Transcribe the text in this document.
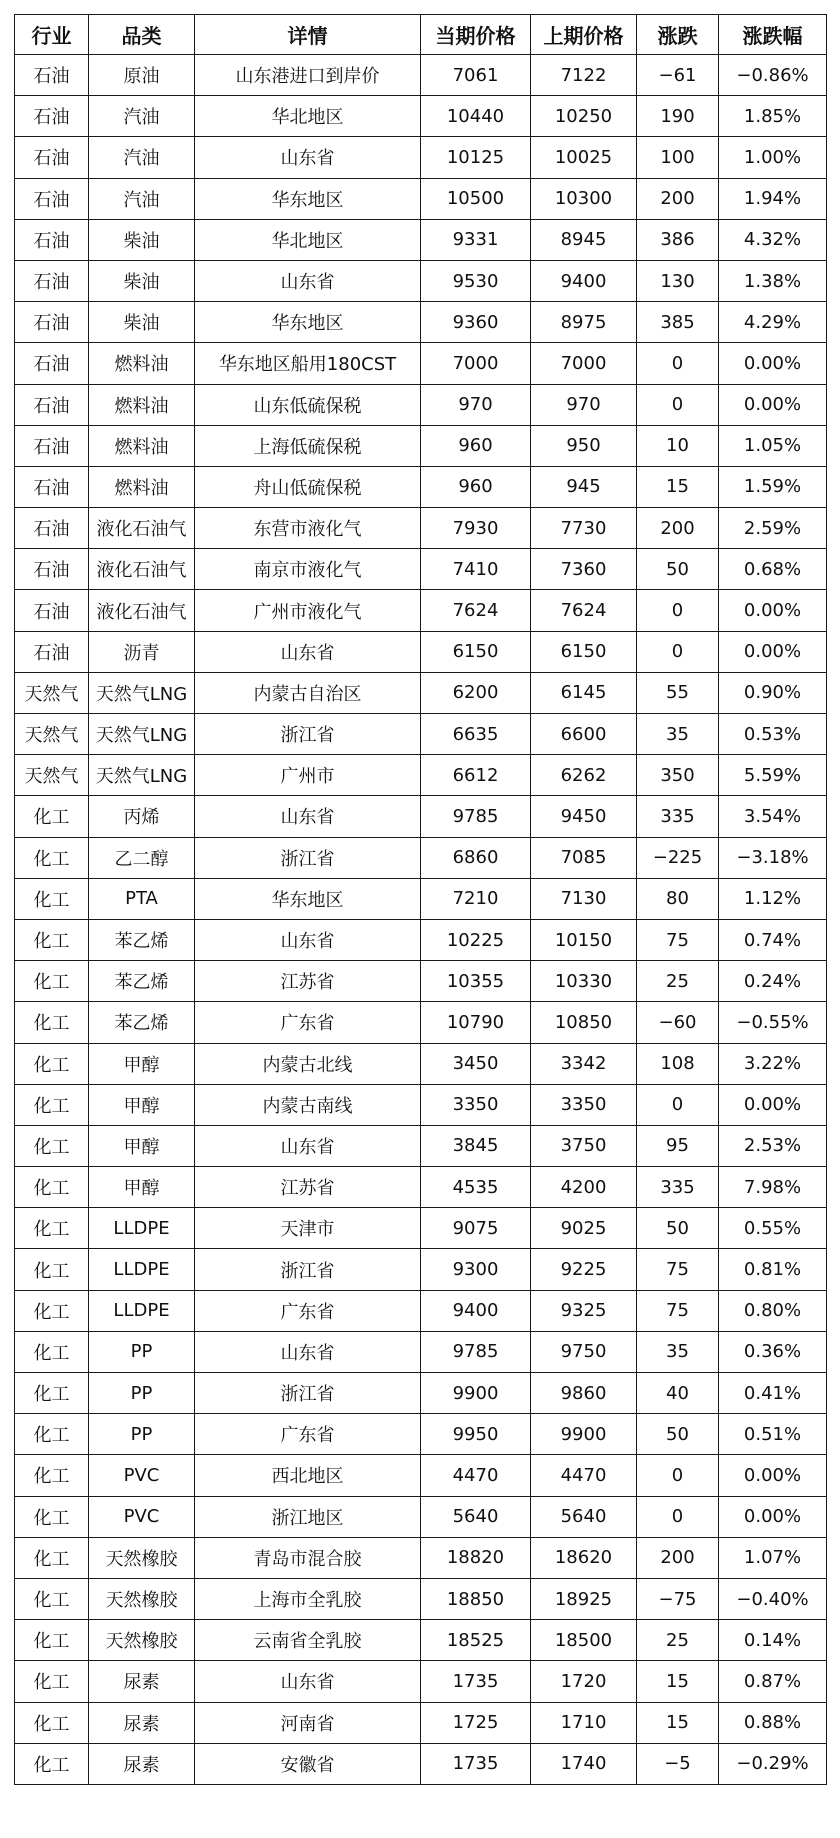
行业	品类	详情	当期价格	上期价格	涨跌	涨跌幅
石油	原油	山东港进口到岸价	7061	7122	−61	−0.86%
石油	汽油	华北地区	10440	10250	190	1.85%
石油	汽油	山东省	10125	10025	100	1.00%
石油	汽油	华东地区	10500	10300	200	1.94%
石油	柴油	华北地区	9331	8945	386	4.32%
石油	柴油	山东省	9530	9400	130	1.38%
石油	柴油	华东地区	9360	8975	385	4.29%
石油	燃料油	华东地区船用180CST	7000	7000	0	0.00%
石油	燃料油	山东低硫保税	970	970	0	0.00%
石油	燃料油	上海低硫保税	960	950	10	1.05%
石油	燃料油	舟山低硫保税	960	945	15	1.59%
石油	液化石油气	东营市液化气	7930	7730	200	2.59%
石油	液化石油气	南京市液化气	7410	7360	50	0.68%
石油	液化石油气	广州市液化气	7624	7624	0	0.00%
石油	沥青	山东省	6150	6150	0	0.00%
天然气	天然气LNG	内蒙古自治区	6200	6145	55	0.90%
天然气	天然气LNG	浙江省	6635	6600	35	0.53%
天然气	天然气LNG	广州市	6612	6262	350	5.59%
化工	丙烯	山东省	9785	9450	335	3.54%
化工	乙二醇	浙江省	6860	7085	−225	−3.18%
化工	PTA	华东地区	7210	7130	80	1.12%
化工	苯乙烯	山东省	10225	10150	75	0.74%
化工	苯乙烯	江苏省	10355	10330	25	0.24%
化工	苯乙烯	广东省	10790	10850	−60	−0.55%
化工	甲醇	内蒙古北线	3450	3342	108	3.22%
化工	甲醇	内蒙古南线	3350	3350	0	0.00%
化工	甲醇	山东省	3845	3750	95	2.53%
化工	甲醇	江苏省	4535	4200	335	7.98%
化工	LLDPE	天津市	9075	9025	50	0.55%
化工	LLDPE	浙江省	9300	9225	75	0.81%
化工	LLDPE	广东省	9400	9325	75	0.80%
化工	PP	山东省	9785	9750	35	0.36%
化工	PP	浙江省	9900	9860	40	0.41%
化工	PP	广东省	9950	9900	50	0.51%
化工	PVC	西北地区	4470	4470	0	0.00%
化工	PVC	浙江地区	5640	5640	0	0.00%
化工	天然橡胶	青岛市混合胶	18820	18620	200	1.07%
化工	天然橡胶	上海市全乳胶	18850	18925	−75	−0.40%
化工	天然橡胶	云南省全乳胶	18525	18500	25	0.14%
化工	尿素	山东省	1735	1720	15	0.87%
化工	尿素	河南省	1725	1710	15	0.88%
化工	尿素	安徽省	1735	1740	−5	−0.29%
